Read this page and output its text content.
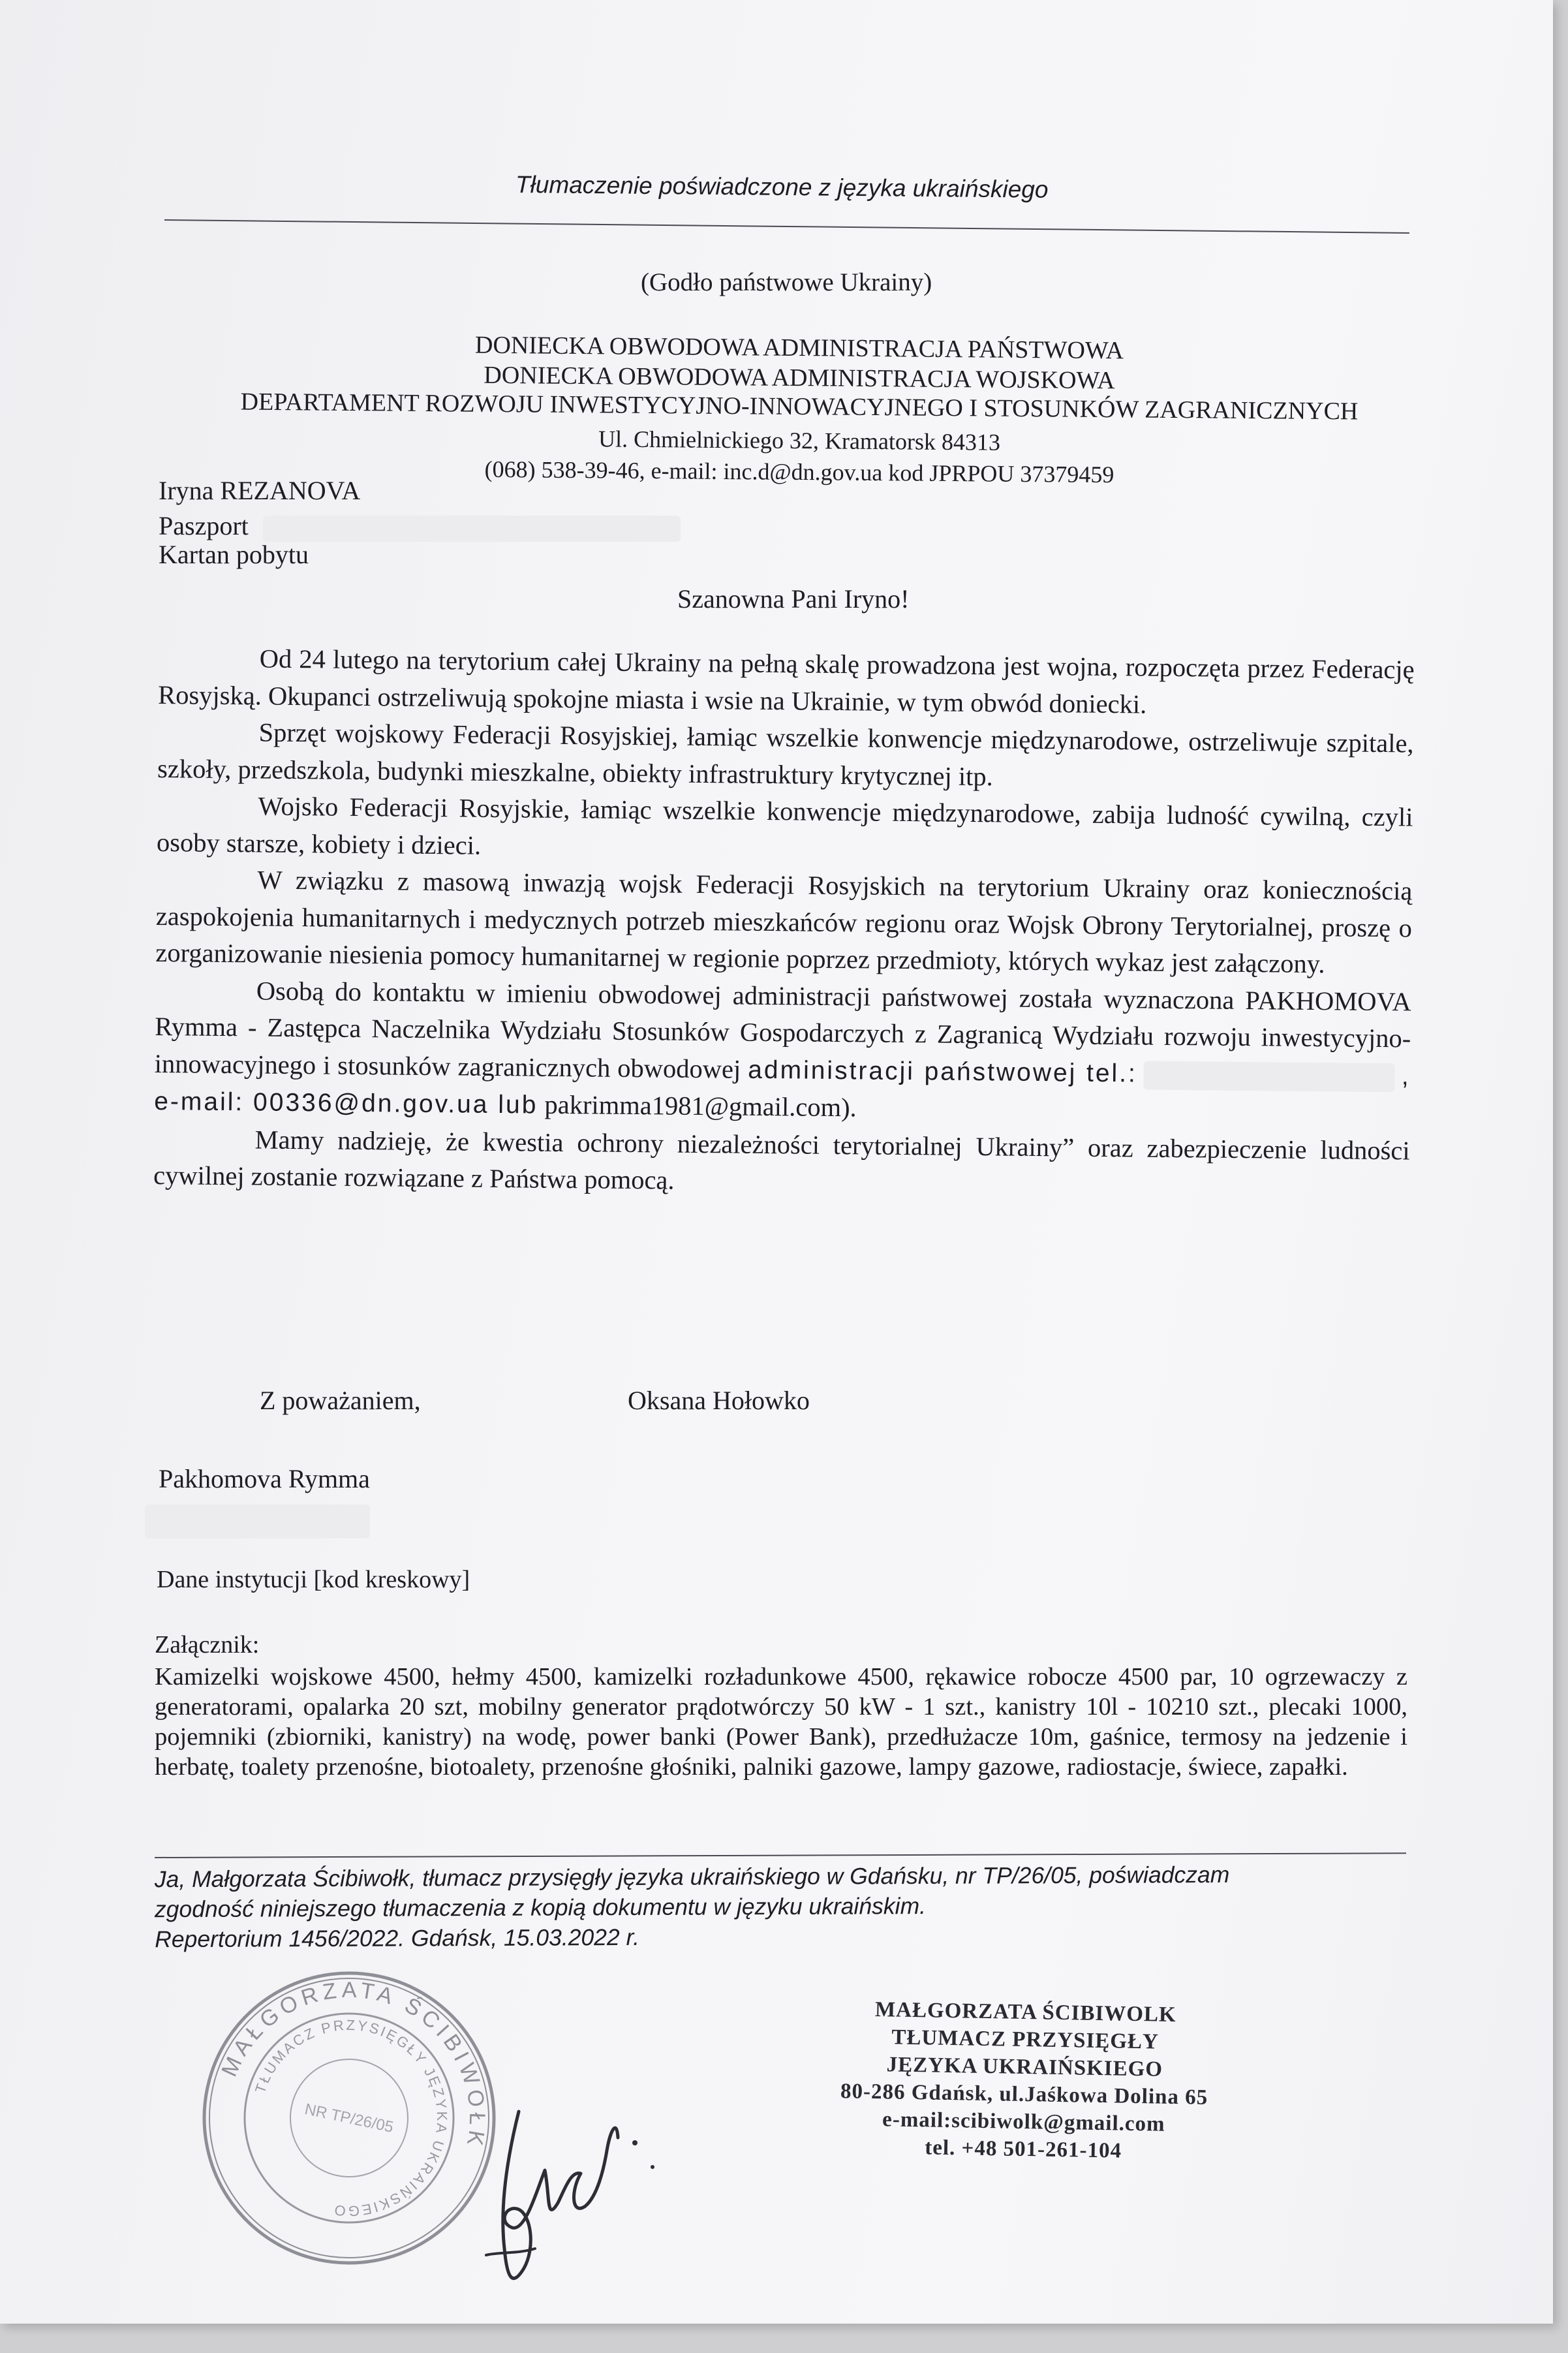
Tłumaczenie poświadczone z języka ukraińskiego
(Godło państwowe Ukrainy)
DONIECKA OBWODOWA ADMINISTRACJA PAŃSTWOWA
DONIECKA OBWODOWA ADMINISTRACJA WOJSKOWA
DEPARTAMENT ROZWOJU INWESTYCYJNO-INNOWACYJNEGO I STOSUNKÓW ZAGRANICZNYCH
Ul. Chmielnickiego 32, Kramatorsk 84313
(068) 538-39-46, e-mail: inc.d@dn.gov.ua kod JPRPOU 37379459
Iryna REZANOVA
Paszport
Kartan pobytu
Szanowna Pani Iryno!

Od 24 lutego na terytorium całej Ukrainy na pełną skalę prowadzona jest wojna, rozpoczęta przez Federację Rosyjską. Okupanci ostrzeliwują spokojne miasta i wsie na Ukrainie, w tym obwód doniecki.

Sprzęt wojskowy Federacji Rosyjskiej, łamiąc wszelkie konwencje międzynarodowe, ostrzeliwuje szpitale, szkoły, przedszkola, budynki mieszkalne, obiekty infrastruktury krytycznej itp.

Wojsko Federacji Rosyjskie, łamiąc wszelkie konwencje międzynarodowe, zabija ludność cywilną, czyli osoby starsze, kobiety i dzieci.

W związku z masową inwazją wojsk Federacji Rosyjskich na terytorium Ukrainy oraz koniecznością zaspokojenia humanitarnych i medycznych potrzeb mieszkańców regionu oraz Wojsk Obrony Terytorialnej, proszę o zorganizowanie niesienia pomocy humanitarnej w regionie poprzez przedmioty, których wykaz jest załączony.

Osobą do kontaktu w imieniu obwodowej administracji państwowej została wyznaczona PAKHOMOVA Rymma - Zastępca Naczelnika Wydziału Stosunków Gospodarczych z Zagranicą Wydziału rozwoju inwestycyjno- innowacyjnego i stosunków zagranicznych obwodowej administracji państwowej tel.:	, e-mail: 00336@dn.gov.ua lub pakrimma1981@gmail.com).

Mamy nadzieję, że kwestia ochrony niezależności terytorialnej Ukrainy” oraz zabezpieczenie ludności cywilnej zostanie rozwiązane z Państwa pomocą.

Z poważaniem,	Oksana Hołowko
Pakhomova Rymma
Dane instytucji [kod kreskowy]
Załącznik:
Kamizelki wojskowe 4500, hełmy 4500, kamizelki rozładunkowe 4500, rękawice robocze 4500 par, 10 ogrzewaczy z generatorami, opalarka 20 szt, mobilny generator prądotwórczy 50 kW - 1 szt., kanistry 10l - 10210 szt., plecaki 1000, pojemniki (zbiorniki, kanistry) na wodę, power banki (Power Bank), przedłużacze 10m, gaśnice, termosy na jedzenie i herbatę, toalety przenośne, biotoalety, przenośne głośniki, palniki gazowe, lampy gazowe, radiostacje, świece, zapałki.

Ja, Małgorzata Ścibiwołk, tłumacz przysięgły języka ukraińskiego w Gdańsku, nr TP/26/05, poświadczam

zgodność niniejszego tłumaczenia z kopią dokumentu w języku ukraińskim.

Repertorium 1456/2022. Gdańsk, 15.03.2022 r.

MAŁGORZATA ŚCIBIWOŁK
TŁUMACZ PRZYSIĘGŁY JĘZYKA UKRAIŃSKIEGO
NR TP/26/05
MAŁGORZATA ŚCIBIWOLK
TŁUMACZ PRZYSIĘGŁY
JĘZYKA UKRAIŃSKIEGO
80-286 Gdańsk, ul.Jaśkowa Dolina 65
e-mail:scibiwolk@gmail.com
tel. +48 501-261-104
